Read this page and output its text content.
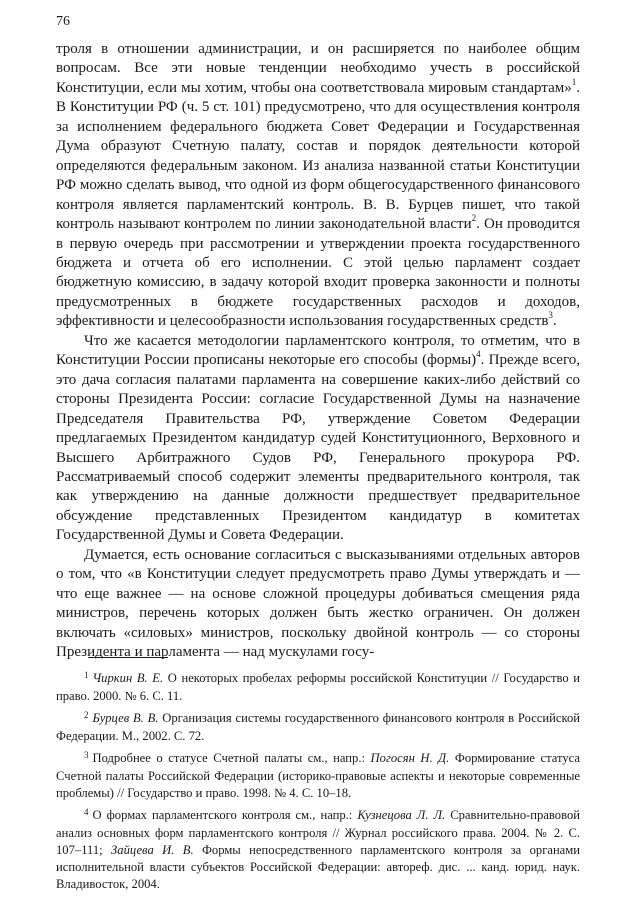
76

троля в отношении администрации, и он расширяется по наиболее общим вопросам. Все эти новые тенденции необходимо учесть в российской Конституции, если мы хотим, чтобы она соответствовала мировым стандартам»$^1$. В Конституции РФ (ч. 5 ст. 101) предусмотрено, что для осуществления контроля за исполнением федерального бюджета Совет Федерации и Государственная Дума образуют Счетную палату, состав и порядок деятельности которой определяются федеральным законом. Из анализа названной статьи Конституции РФ можно сделать вывод, что одной из форм общегосударственного финансового контроля является парламентский контроль. В. В. Бурцев пишет, что такой контроль называют контролем по линии законодательной власти$^2$. Он проводится в первую очередь при рассмотрении и утверждении проекта государственного бюджета и отчета об его исполнении. С этой целью парламент создает бюджетную комиссию, в задачу которой входит проверка законности и полноты предусмотренных в бюджете государственных расходов и доходов, эффективности и целесообразности использования государственных средств$^3$.

Что же касается методологии парламентского контроля, то отметим, что в Конституции России прописаны некоторые его способы (формы)$^4$. Прежде всего, это дача согласия палатами парламента на совершение каких-либо действий со стороны Президента России: согласие Государственной Думы на назначение Председателя Правительства РФ, утверждение Советом Федерации предлагаемых Президентом кандидатур судей Конституционного, Верховного и Высшего Арбитражного Судов РФ, Генерального прокурора РФ. Рассматриваемый способ содержит элементы предварительного контроля, так как утверждению на данные должности предшествует предварительное обсуждение представленных Президентом кандидатур в комитетах Государственной Думы и Совета Федерации.

Думается, есть основание согласиться с высказываниями отдельных авторов о том, что «в Конституции следует предусмотреть право Думы утверждать и — что еще важнее — на основе сложной процедуры добиваться смещения ряда министров, перечень которых должен быть жестко ограничен. Он должен включать «силовых» министров, поскольку двойной контроль — со стороны Президента и парламента — над мускулами госу-

$^1$ Чиркин В. Е. О некоторых пробелах реформы российской Конституции // Государство и право. 2000. № 6. С. 11.
$^2$ Бурцев В. В. Организация системы государственного финансового контроля в Российской Федерации. М., 2002. С. 72.
$^3$ Подробнее о статусе Счетной палаты см., напр.: Погосян Н. Д. Формирование статуса Счетной палаты Российской Федерации (историко-правовые аспекты и некоторые современные проблемы) // Государство и право. 1998. № 4. С. 10–18.
$^4$ О формах парламентского контроля см., напр.: Кузнецова Л. Л. Сравнительно-правовой анализ основных форм парламентского контроля // Журнал российского права. 2004. № 2. С. 107–111; Зайцева И. В. Формы непосредственного парламентского контроля за органами исполнительной власти субъектов Российской Федерации: автореф. дис. ... канд. юрид. наук. Владивосток, 2004.
